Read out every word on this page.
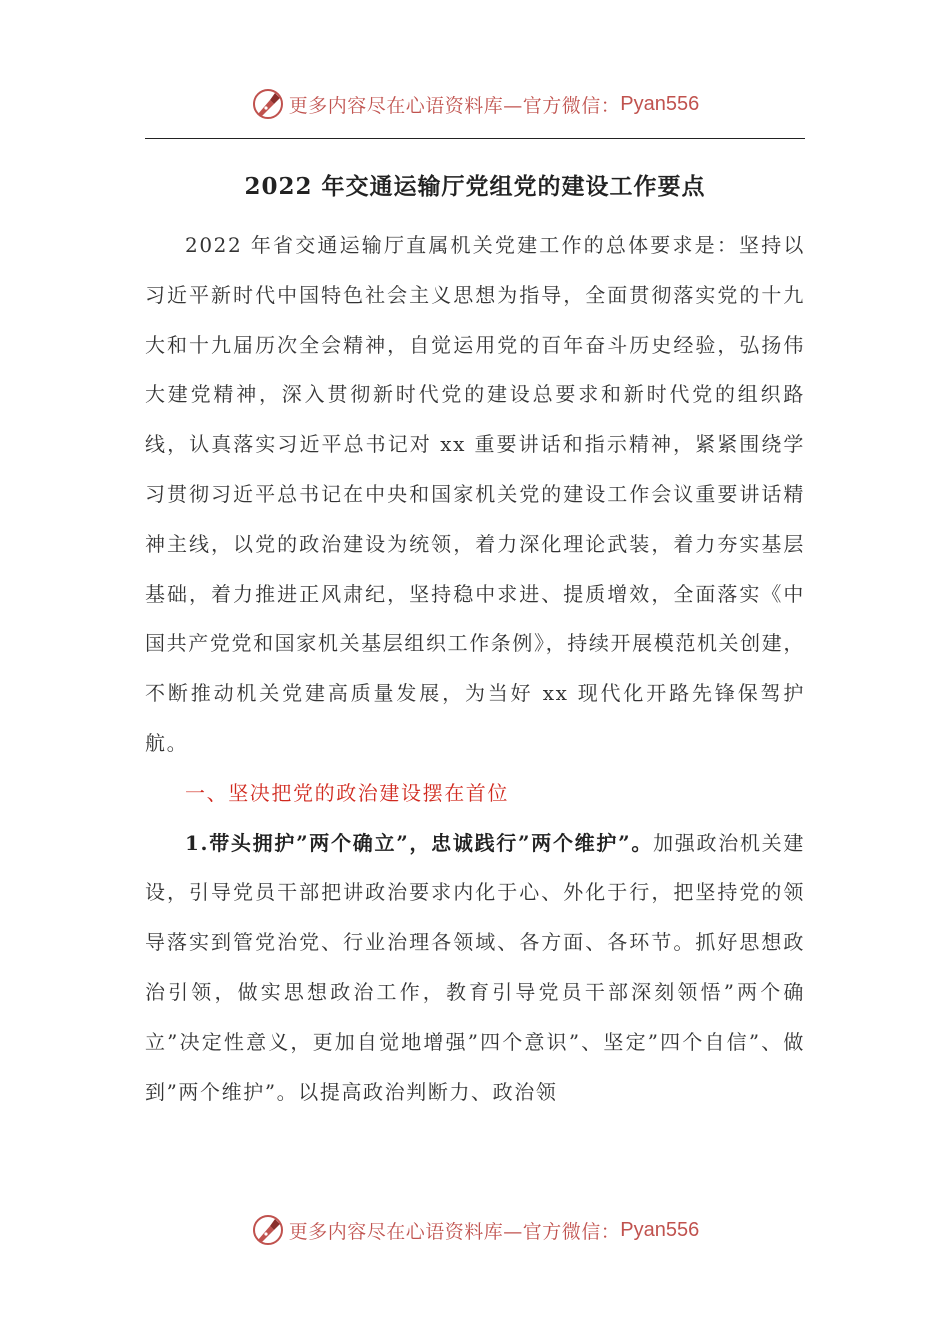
更多内容尽在心语资料库—官方微信： Pyan556
2022 年交通运输厅党组党的建设工作要点

2022 年省交通运输厅直属机关党建工作的总体要求是：坚持以习近平新时代中国特色社会主义思想为指导，全面贯彻落实党的十九大和十九届历次全会精神，自觉运用党的百年奋斗历史经验，弘扬伟大建党精神，深入贯彻新时代党的建设总要求和新时代党的组织路线，认真落实习近平总书记对 xx 重要讲话和指示精神，紧紧围绕学习贯彻习近平总书记在中央和国家机关党的建设工作会议重要讲话精神主线，以党的政治建设为统领，着力深化理论武装，着力夯实基层基础，着力推进正风肃纪，坚持稳中求进、提质增效，全面落实《中国共产党党和国家机关基层组织工作条例》，持续开展模范机关创建，不断推动机关党建高质量发展，为当好 xx 现代化开路先锋保驾护航。

一、坚决把党的政治建设摆在首位

1.带头拥护”两个确立”，忠诚践行”两个维护”。加强政治机关建设，引导党员干部把讲政治要求内化于心、外化于行，把坚持党的领导落实到管党治党、行业治理各领域、各方面、各环节。抓好思想政治引领，做实思想政治工作，教育引导党员干部深刻领悟”两个确立”决定性意义，更加自觉地增强”四个意识”、坚定”四个自信”、做到”两个维护”。以提高政治判断力、政治领

更多内容尽在心语资料库—官方微信： Pyan556
